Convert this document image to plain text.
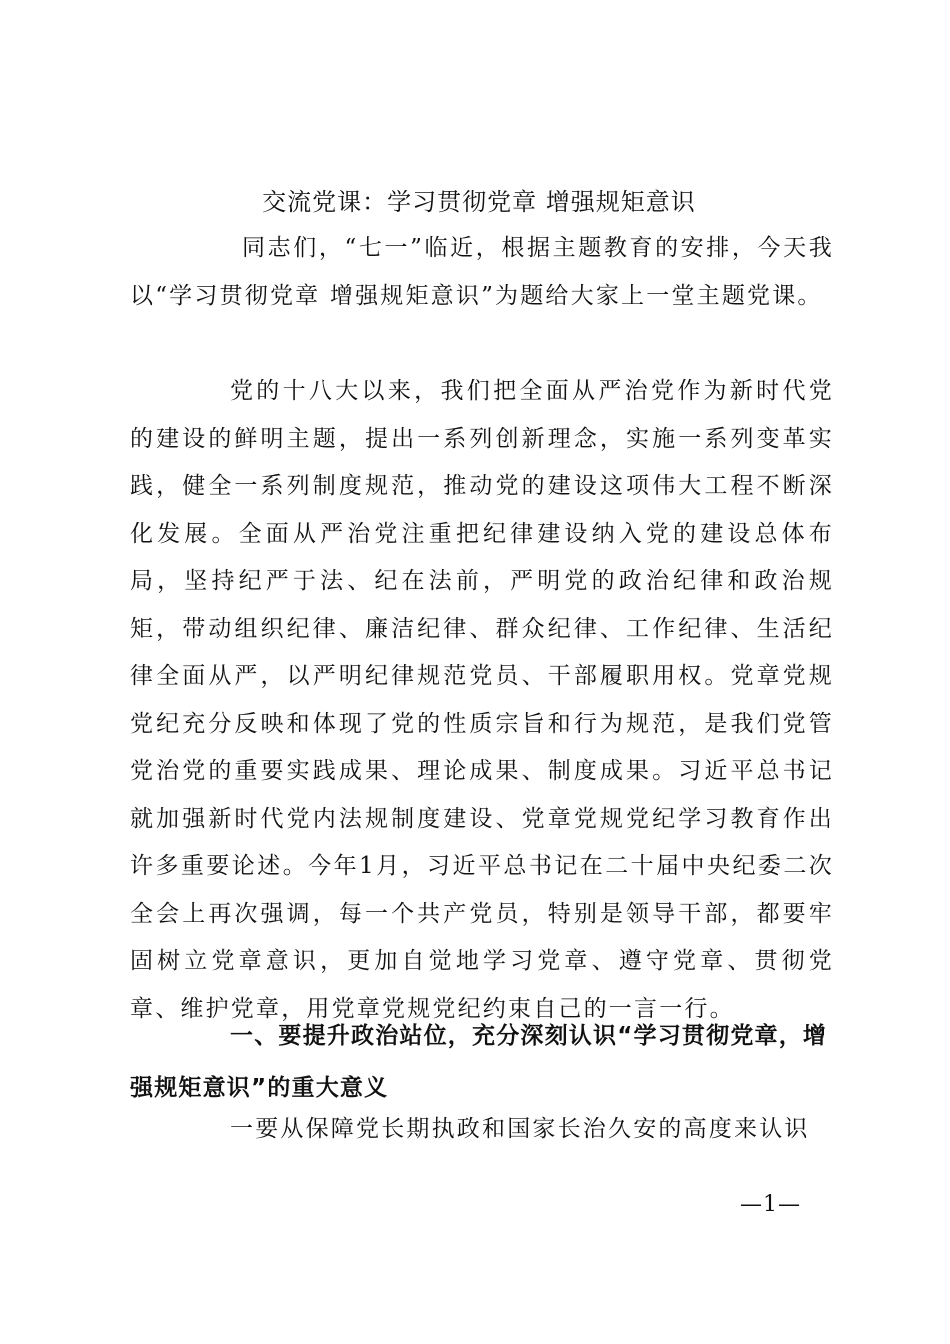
交流党课：学习贯彻党章 增强规矩意识
同志们，“七一”临近，根据主题教育的安排，今天我以“学习贯彻党章 增强规矩意识”为题给大家上一堂主题党课。
党的十八大以来，我们把全面从严治党作为新时代党的建设的鲜明主题，提出一系列创新理念，实施一系列变革实践，健全一系列制度规范，推动党的建设这项伟大工程不断深化发展。全面从严治党注重把纪律建设纳入党的建设总体布局，坚持纪严于法、纪在法前，严明党的政治纪律和政治规矩，带动组织纪律、廉洁纪律、群众纪律、工作纪律、生活纪律全面从严，以严明纪律规范党员、干部履职用权。党章党规党纪充分反映和体现了党的性质宗旨和行为规范，是我们党管党治党的重要实践成果、理论成果、制度成果。习近平总书记就加强新时代党内法规制度建设、党章党规党纪学习教育作出许多重要论述。今年1月，习近平总书记在二十届中央纪委二次全会上再次强调，每一个共产党员，特别是领导干部，都要牢固树立党章意识，更加自觉地学习党章、遵守党章、贯彻党章、维护党章，用党章党规党纪约束自己的一言一行。
一、要提升政治站位，充分深刻认识“学习贯彻党章，增强规矩意识”的重大意义
一要从保障党长期执政和国家长治久安的高度来认识
—1—
